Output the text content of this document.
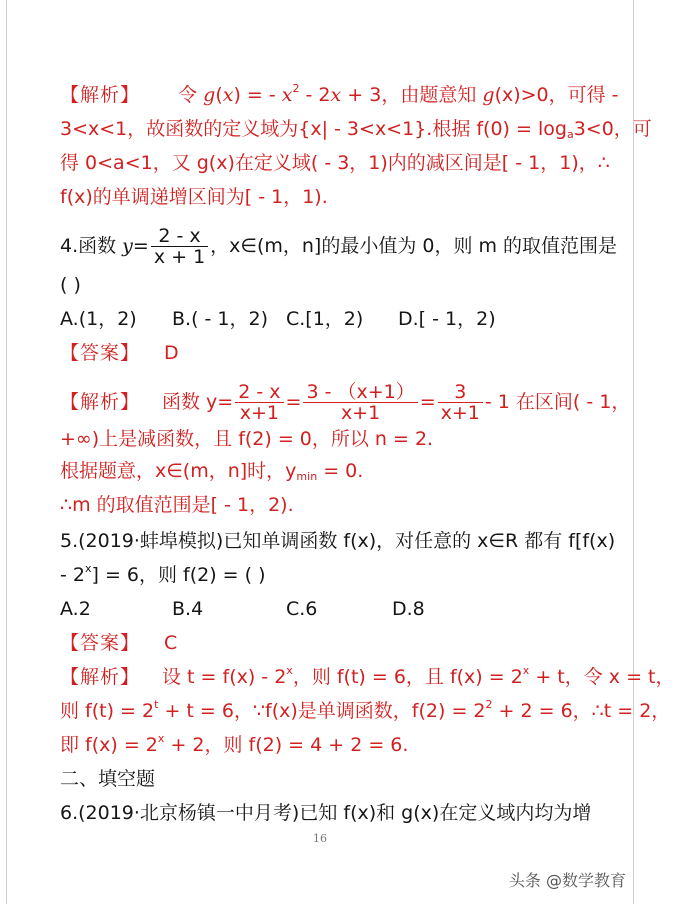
【解析】 令 g(x) = - $x^2 - 2x + 3$，由题意知 g(x)>0，可得 -
3<x<1，故函数的定义域为{x| - 3<x<1}.根据 $f(0) = \log_a3<0$，可
得 0<a<1，又 g(x)在定义域( - 3，1)内的减区间是[ - 1，1)，∴
f(x)的单调递增区间为[ - 1，1).
4.函数 $y= \frac{2 - x}{x + 1}$ ，x∈(m，n]的最小值为 0，则 m 的取值范围是
( )
A.(1，2) B.( - 1，2) C.[1，2) D.[ - 1，2)
【答案】 D
【解析】 函数 $y= \frac{2 - x}{x+1} = \frac{3 - (x+1)}{x+1} = \frac{3}{x+1} - 1$ 在区间( - 1，
+∞)上是减函数，且 f(2) = 0，所以 n = 2.
根据题意，x∈(m，n]时，$y_{min} = 0$.
∴m 的取值范围是[ - 1，2).
5.(2019·蚌埠模拟)已知单调函数 f(x)，对任意的 x∈R 都有 f[f(x)
- $2^x] = 6$，则 f(2) = ( )
A.2	B.4	C.6	D.8
【答案】 C
【解析】 设 t = f(x) - 2$^x$，则 f(t) = 6，且 $f(x) = 2^x + t$，令 x = t，
则 $f(t) = 2^t + t = 6$，∵f(x)是单调函数，$f(2) = 2^2 + 2 = 6$，∴t = 2，
即 $f(x) = 2^x + 2$，则 f(2) = 4 + 2 = 6.
二、填空题
6.(2019·北京杨镇一中月考)已知 f(x)和 g(x)在定义域内均为增
16
头条 @数学教育
